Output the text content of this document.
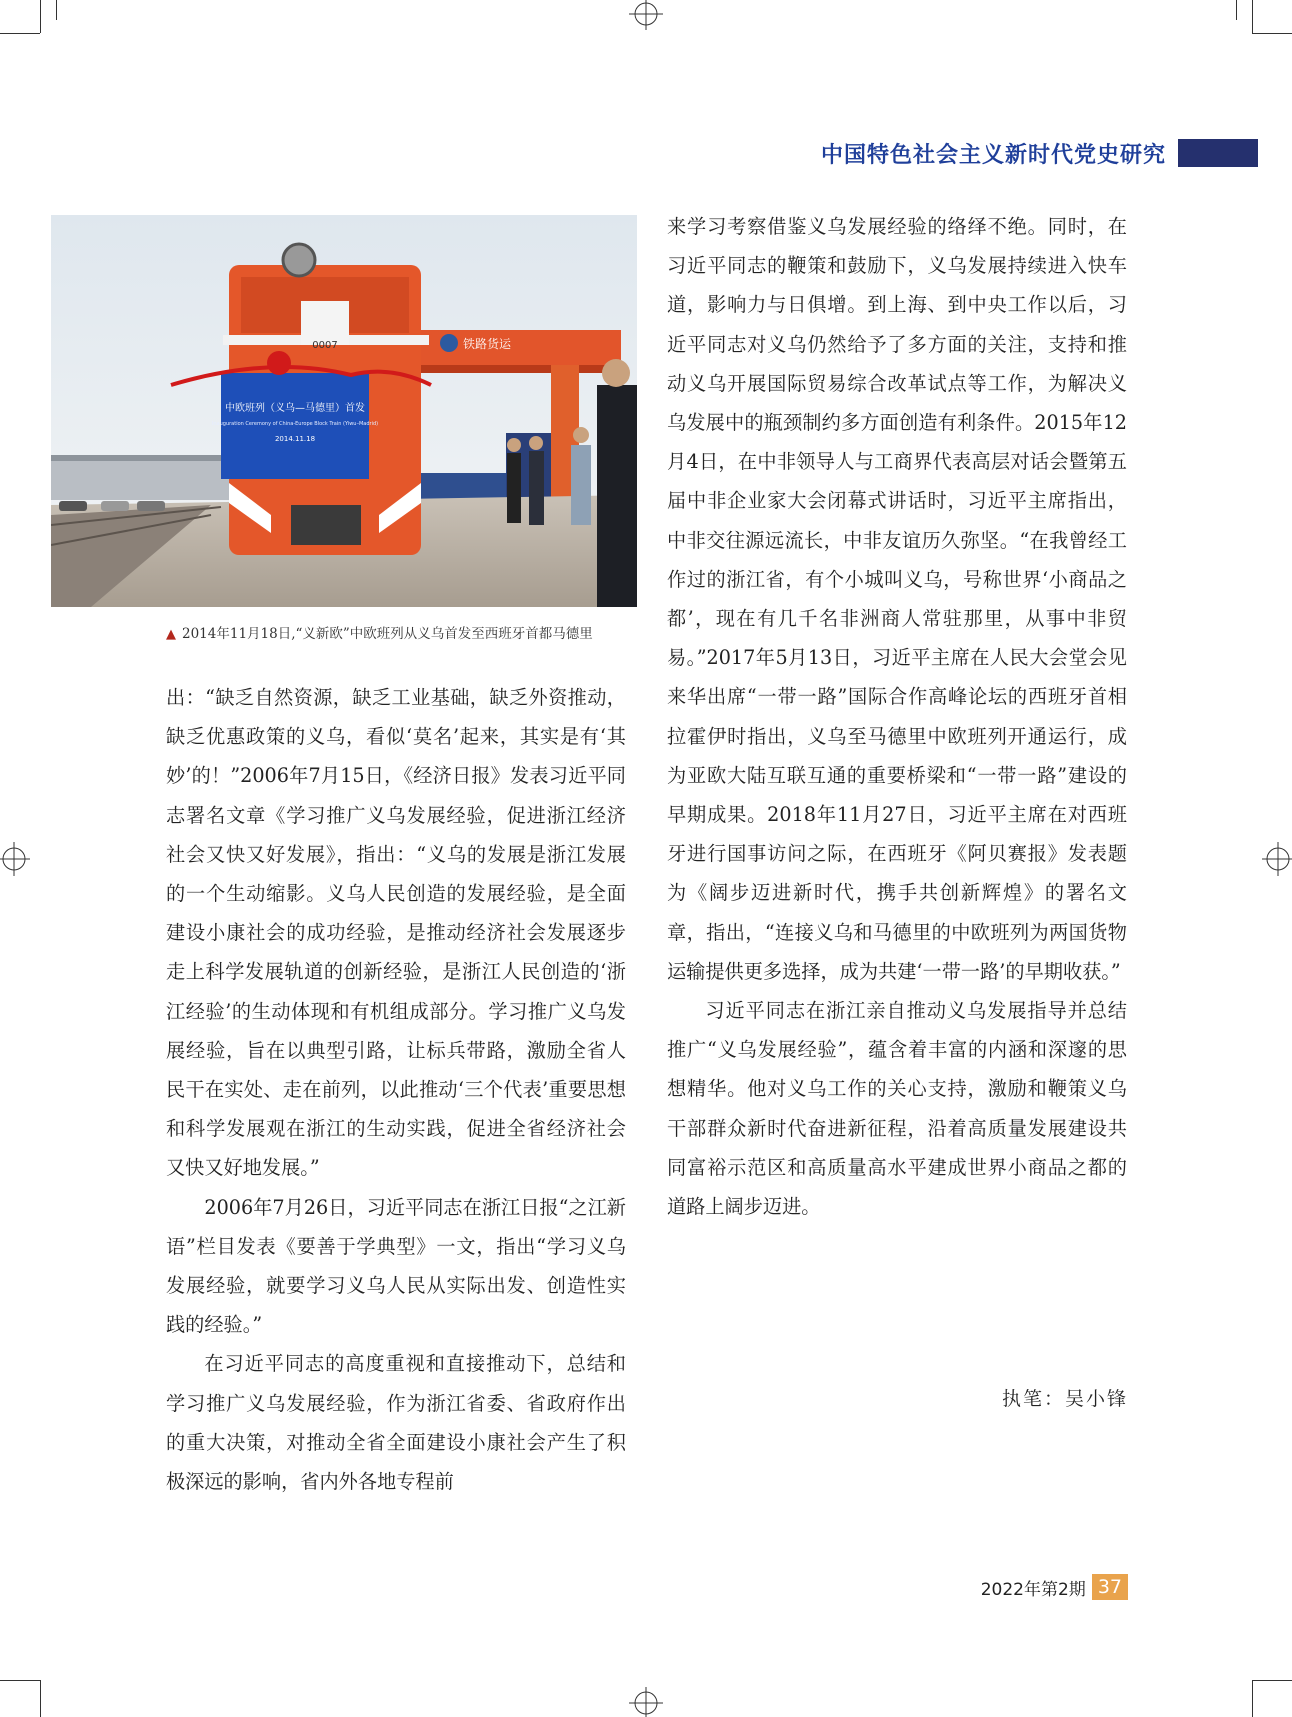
中国特色社会主义新时代党史研究
铁路货运
0007
中欧班列（义乌—马德里）首发
Inauguration Ceremony of China-Europe Block Train (Yiwu–Madrid)
2014.11.18
▲ 2014年11月18日,“义新欧”中欧班列从义乌首发至西班牙首都马德里

出：“缺乏自然资源，缺乏工业基础，缺乏外资推动，缺乏优惠政策的义乌，看似‘莫名’起来，其实是有‘其妙’的！”2006年7月15日，《经济日报》发表习近平同志署名文章《学习推广义乌发展经验，促进浙江经济社会又快又好发展》，指出：“义乌的发展是浙江发展的一个生动缩影。义乌人民创造的发展经验，是全面建设小康社会的成功经验，是推动经济社会发展逐步走上科学发展轨道的创新经验，是浙江人民创造的‘浙江经验’的生动体现和有机组成部分。学习推广义乌发展经验，旨在以典型引路，让标兵带路，激励全省人民干在实处、走在前列，以此推动‘三个代表’重要思想和科学发展观在浙江的生动实践，促进全省经济社会又快又好地发展。”

2006年7月26日，习近平同志在浙江日报“之江新语”栏目发表《要善于学典型》一文，指出“学习义乌发展经验，就要学习义乌人民从实际出发、创造性实践的经验。”

在习近平同志的高度重视和直接推动下，总结和学习推广义乌发展经验，作为浙江省委、省政府作出的重大决策，对推动全省全面建设小康社会产生了积极深远的影响，省内外各地专程前

来学习考察借鉴义乌发展经验的络绎不绝。同时，在习近平同志的鞭策和鼓励下，义乌发展持续进入快车道，影响力与日俱增。到上海、到中央工作以后，习近平同志对义乌仍然给予了多方面的关注，支持和推动义乌开展国际贸易综合改革试点等工作，为解决义乌发展中的瓶颈制约多方面创造有利条件。2015年12月4日，在中非领导人与工商界代表高层对话会暨第五届中非企业家大会闭幕式讲话时，习近平主席指出，中非交往源远流长，中非友谊历久弥坚。“在我曾经工作过的浙江省，有个小城叫义乌，号称世界‘小商品之都’，现在有几千名非洲商人常驻那里，从事中非贸易。”2017年5月13日，习近平主席在人民大会堂会见来华出席“一带一路”国际合作高峰论坛的西班牙首相拉霍伊时指出，义乌至马德里中欧班列开通运行，成为亚欧大陆互联互通的重要桥梁和“一带一路”建设的早期成果。2018年11月27日，习近平主席在对西班牙进行国事访问之际，在西班牙《阿贝赛报》发表题为《阔步迈进新时代，携手共创新辉煌》的署名文章，指出，“连接义乌和马德里的中欧班列为两国货物运输提供更多选择，成为共建‘一带一路’的早期收获。”

习近平同志在浙江亲自推动义乌发展指导并总结推广“义乌发展经验”，蕴含着丰富的内涵和深邃的思想精华。他对义乌工作的关心支持，激励和鞭策义乌干部群众新时代奋进新征程，沿着高质量发展建设共同富裕示范区和高质量高水平建成世界小商品之都的道路上阔步迈进。

执笔：吴小锋
2022年第2期 37
